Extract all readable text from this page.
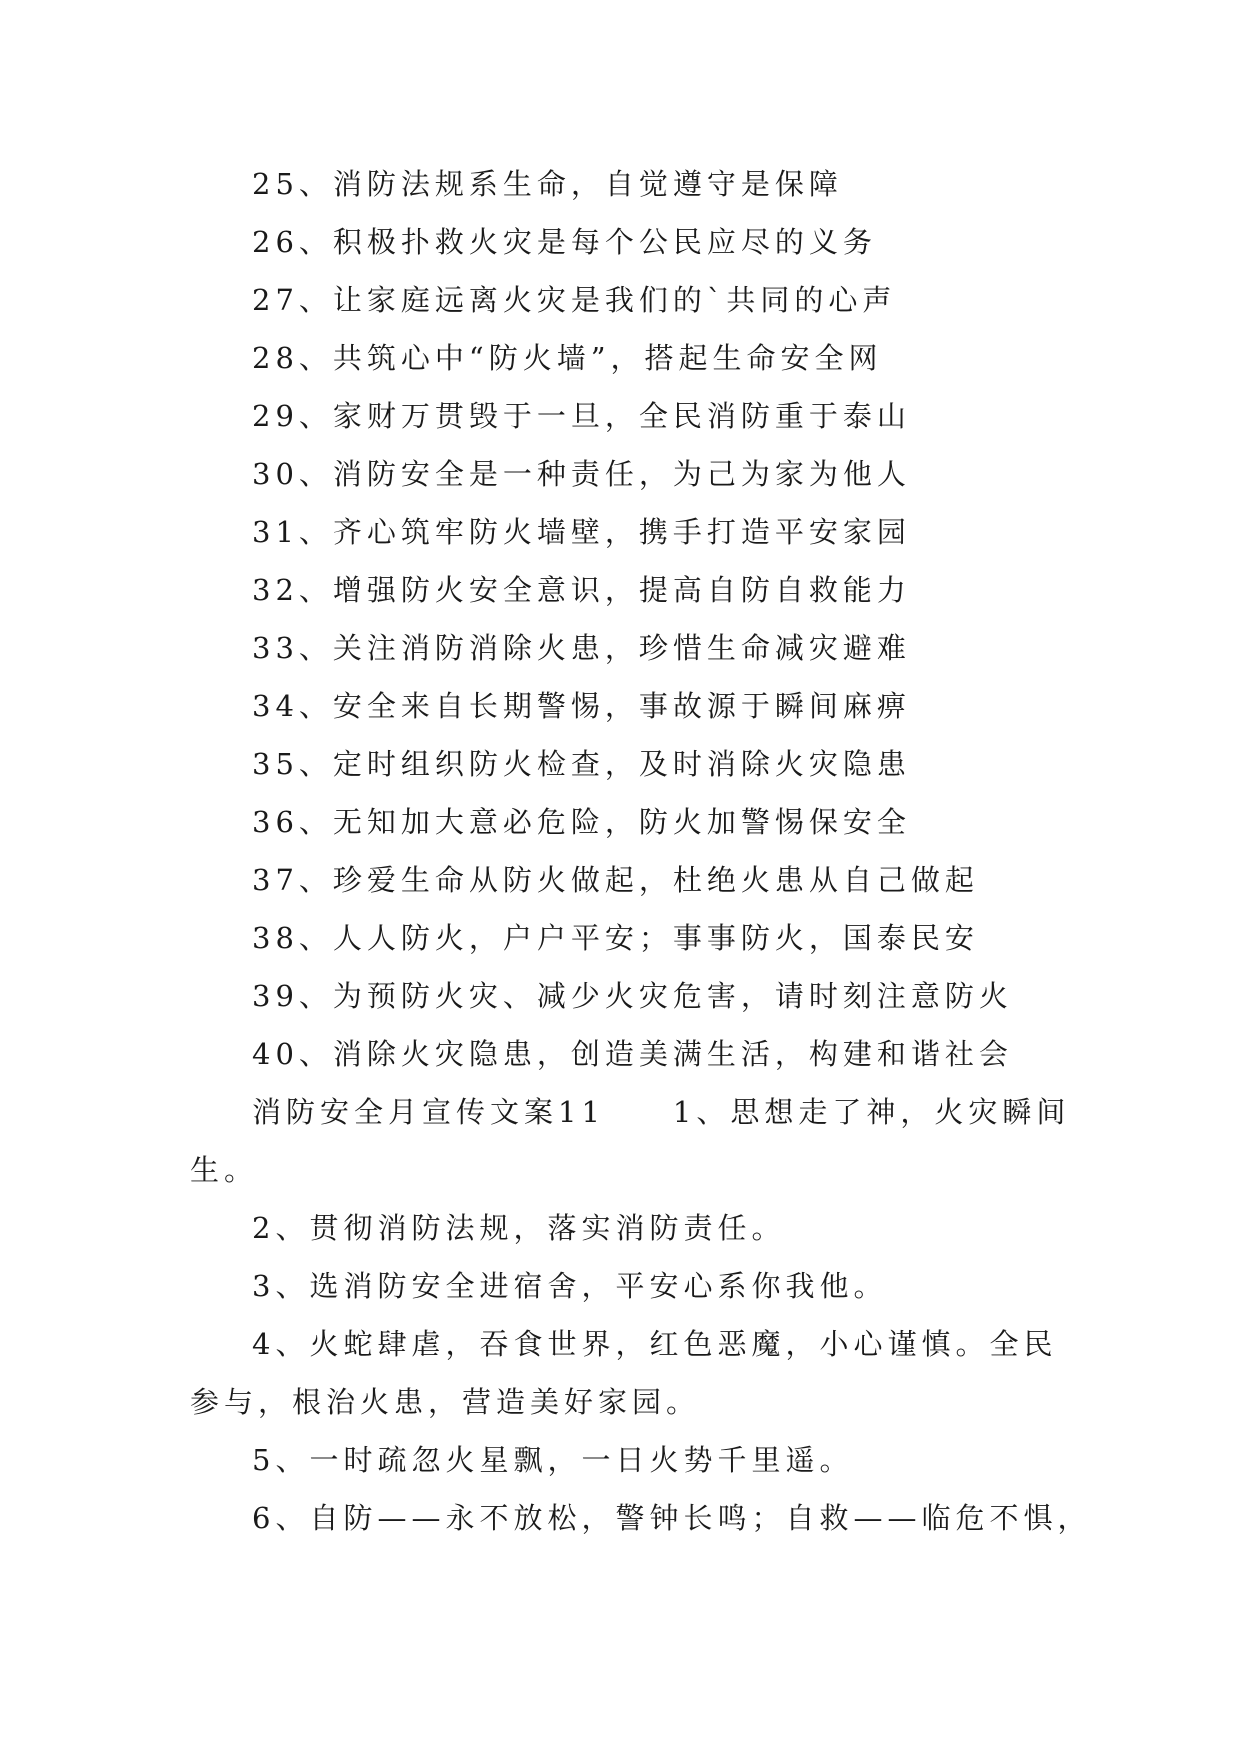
25、消防法规系生命，自觉遵守是保障
26、积极扑救火灾是每个公民应尽的义务
27、让家庭远离火灾是我们的`共同的心声
28、共筑心中“防火墙”，搭起生命安全网
29、家财万贯毁于一旦，全民消防重于泰山
30、消防安全是一种责任，为己为家为他人
31、齐心筑牢防火墙壁，携手打造平安家园
32、增强防火安全意识，提高自防自救能力
33、关注消防消除火患，珍惜生命减灾避难
34、安全来自长期警惕，事故源于瞬间麻痹
35、定时组织防火检查，及时消除火灾隐患
36、无知加大意必危险，防火加警惕保安全
37、珍爱生命从防火做起，杜绝火患从自己做起
38、人人防火，户户平安；事事防火，国泰民安
39、为预防火灾、减少火灾危害，请时刻注意防火
40、消除火灾隐患，创造美满生活，构建和谐社会
消防安全月宣传文案11　　1、思想走了神，火灾瞬间
生。
2、贯彻消防法规，落实消防责任。
3、选消防安全进宿舍，平安心系你我他。
4、火蛇肆虐，吞食世界，红色恶魔，小心谨慎。全民
参与，根治火患，营造美好家园。
5、一时疏忽火星飘，一日火势千里遥。
6、自防——永不放松，警钟长鸣；自救——临危不惧，
